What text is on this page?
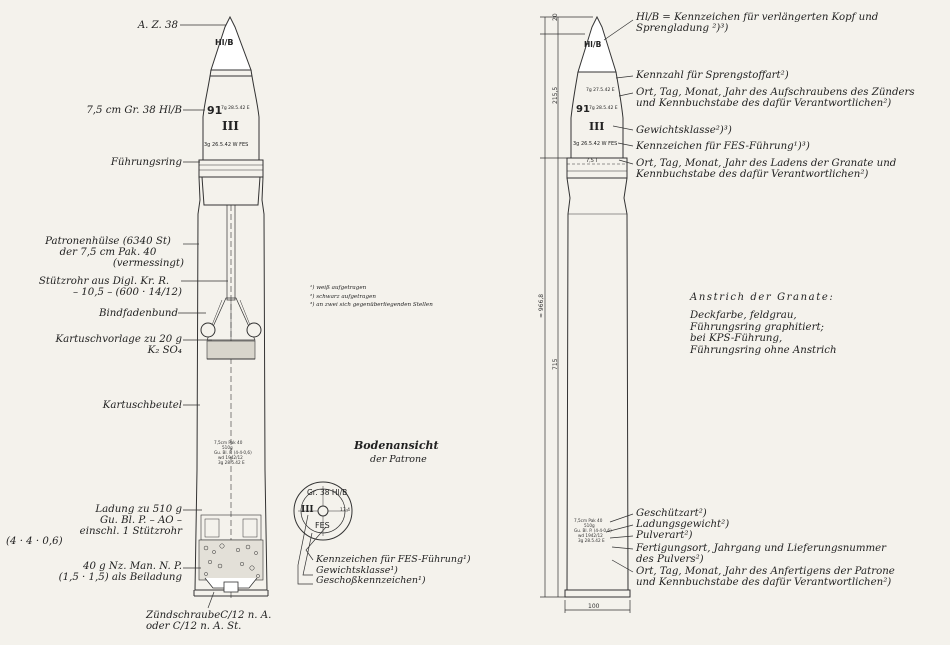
A. Z. 38
7,5 cm Gr. 38 Hl/B
Führungsring
Patronenhülse (6340 St)
der 7,5 cm Pak. 40
(vermessingt)
Stützrohr aus Digl. Kr. R.
– 10,5 – (600 · 14/12)
Bindfadenbund
Kartuschvorlage zu 20 g
K₂ SO₄
Kartuschbeutel
Ladung zu 510 g
Gu. Bl. P. – AO –
einschl. 1 Stützrohr
(4 · 4 · 0,6)
40 g Nz. Man. N. P.
(1,5 · 1,5) als Beiladung
ZündschraubeC/12 n. A.
oder C/12 n. A. St.
Hl/B
91
7g 28.5.42 E
III
3g 26.5.42 W FES
7,5cm Pak 40
510g
Gu. Bl. P. (4·4·0,6)
wd 1942/12
3g 28.5.42 E
¹) weiß aufgetragen
²) schwarz aufgetragen
³) an zwei sich gegenüberliegenden Stellen
Bodenansicht
der Patrone
Gr. 38 Hl/B
III
FES
17·4
Kennzeichen für FES-Führung¹)
Gewichtsklasse¹)
Geschoßkennzeichen¹)
20
215,5
715
≈ 966,8
100
Hl/B
7g 27.5.42 E
91 7g 28.5.42 E
III
3g 26.5.42 W FES
7,5 I
7,5cm Pak 40
510g
Gu. Bl. P. (4·4·0,6)
wd 1942/12
3g 28.5.42 E
Hl/B = Kennzeichen für verlängerten Kopf und
Sprengladung ²)³)
Kennzahl für Sprengstoffart²)
Ort, Tag, Monat, Jahr des Aufschraubens des Zünders
und Kennbuchstabe des dafür Verantwortlichen²)
Gewichtsklasse²)³)
Kennzeichen für FES-Führung¹)³)
Ort, Tag, Monat, Jahr des Ladens der Granate und
Kennbuchstabe des dafür Verantwortlichen²)
Anstrich der Granate:
Deckfarbe, feldgrau,
Führungsring graphitiert;
bei KPS-Führung,
Führungsring ohne Anstrich
Geschützart²)
Ladungsgewicht²)
Pulverart²)
Fertigungsort, Jahrgang und Lieferungsnummer
des Pulvers²)
Ort, Tag, Monat, Jahr des Anfertigens der Patrone
und Kennbuchstabe des dafür Verantwortlichen²)
